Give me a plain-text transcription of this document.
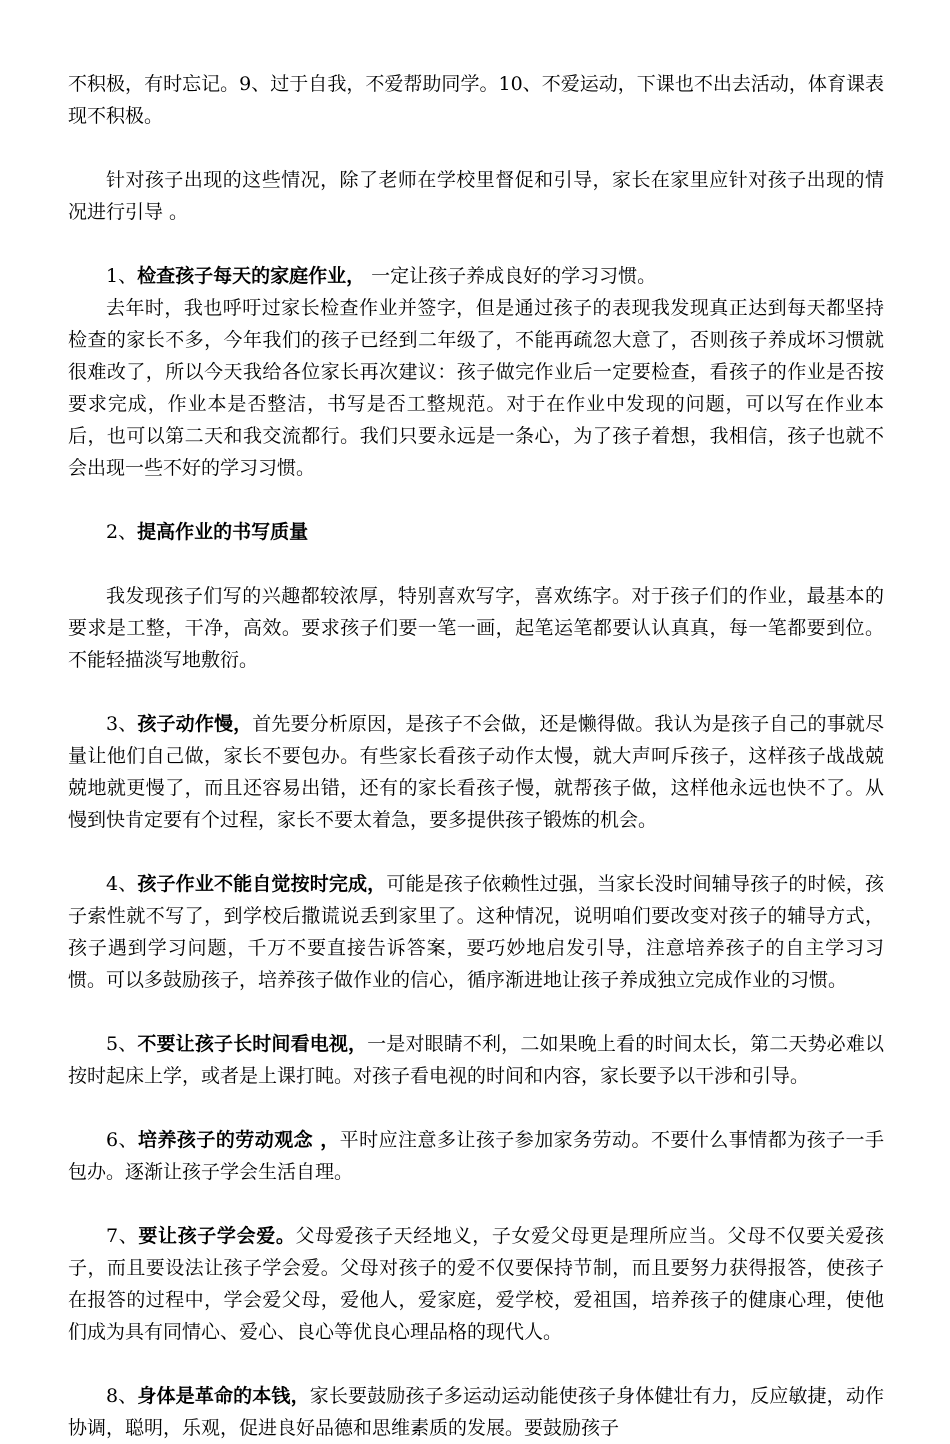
不积极，有时忘记。9、过于自我，不爱帮助同学。10、不爱运动，下课也不出去活动，体育课表现不积极。

针对孩子出现的这些情况，除了老师在学校里督促和引导，家长在家里应针对孩子出现的情况进行引导 。

1、检查孩子每天的家庭作业， 一定让孩子养成良好的学习习惯。

去年时，我也呼吁过家长检查作业并签字，但是通过孩子的表现我发现真正达到每天都坚持检查的家长不多，今年我们的孩子已经到二年级了，不能再疏忽大意了，否则孩子养成坏习惯就很难改了，所以今天我给各位家长再次建议：孩子做完作业后一定要检查，看孩子的作业是否按要求完成，作业本是否整洁，书写是否工整规范。对于在作业中发现的问题，可以写在作业本后，也可以第二天和我交流都行。我们只要永远是一条心，为了孩子着想，我相信，孩子也就不会出现一些不好的学习习惯。

2、提高作业的书写质量

我发现孩子们写的兴趣都较浓厚，特别喜欢写字，喜欢练字。对于孩子们的作业，最基本的要求是工整，干净，高效。要求孩子们要一笔一画，起笔运笔都要认认真真，每一笔都要到位。不能轻描淡写地敷衍。

3、孩子动作慢，首先要分析原因，是孩子不会做，还是懒得做。我认为是孩子自己的事就尽量让他们自己做，家长不要包办。有些家长看孩子动作太慢，就大声呵斥孩子，这样孩子战战兢兢地就更慢了，而且还容易出错，还有的家长看孩子慢，就帮孩子做，这样他永远也快不了。从慢到快肯定要有个过程，家长不要太着急，要多提供孩子锻炼的机会。

4、孩子作业不能自觉按时完成，可能是孩子依赖性过强，当家长没时间辅导孩子的时候，孩子索性就不写了，到学校后撒谎说丢到家里了。这种情况，说明咱们要改变对孩子的辅导方式，孩子遇到学习问题，千万不要直接告诉答案，要巧妙地启发引导，注意培养孩子的自主学习习惯。可以多鼓励孩子，培养孩子做作业的信心，循序渐进地让孩子养成独立完成作业的习惯。

5、不要让孩子长时间看电视，一是对眼睛不利，二如果晚上看的时间太长，第二天势必难以按时起床上学，或者是上课打盹。对孩子看电视的时间和内容，家长要予以干涉和引导。

6、培养孩子的劳动观念 ，平时应注意多让孩子参加家务劳动。不要什么事情都为孩子一手包办。逐渐让孩子学会生活自理。

7、要让孩子学会爱。父母爱孩子天经地义，子女爱父母更是理所应当。父母不仅要关爱孩子，而且要设法让孩子学会爱。父母对孩子的爱不仅要保持节制，而且要努力获得报答，使孩子在报答的过程中，学会爱父母，爱他人，爱家庭，爱学校，爱祖国，培养孩子的健康心理，使他们成为具有同情心、爱心、良心等优良心理品格的现代人。

8、身体是革命的本钱，家长要鼓励孩子多运动运动能使孩子身体健壮有力，反应敏捷，动作协调，聪明，乐观，促进良好品德和思维素质的发展。要鼓励孩子
